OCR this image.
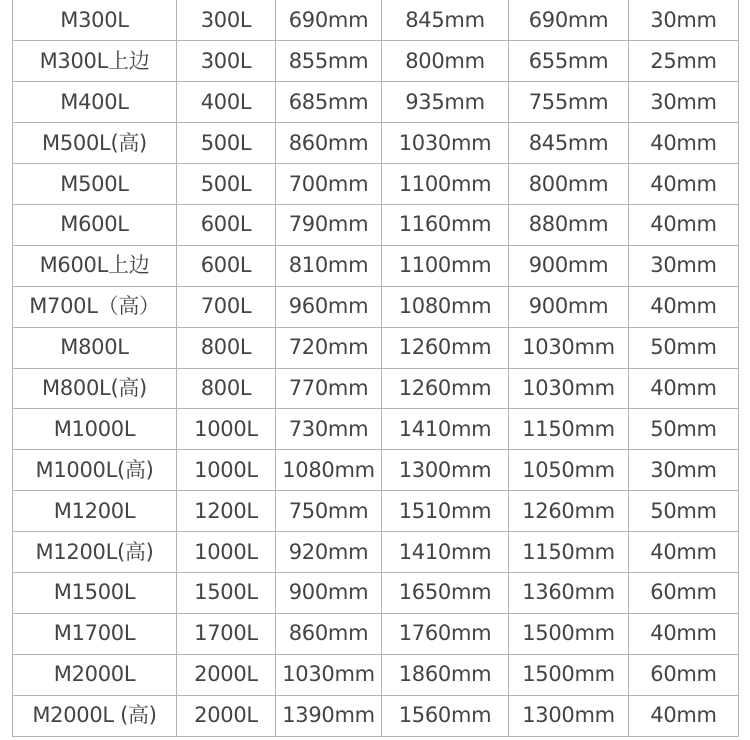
M300L	300L	690mm	845mm	690mm	30mm
M300L上边	300L	855mm	800mm	655mm	25mm
M400L	400L	685mm	935mm	755mm	30mm
M500L(高)	500L	860mm	1030mm	845mm	40mm
M500L	500L	700mm	1100mm	800mm	40mm
M600L	600L	790mm	1160mm	880mm	40mm
M600L上边	600L	810mm	1100mm	900mm	30mm
M700L（高）	700L	960mm	1080mm	900mm	40mm
M800L	800L	720mm	1260mm	1030mm	50mm
M800L(高)	800L	770mm	1260mm	1030mm	40mm
M1000L	1000L	730mm	1410mm	1150mm	50mm
M1000L(高)	1000L	1080mm	1300mm	1050mm	30mm
M1200L	1200L	750mm	1510mm	1260mm	50mm
M1200L(高)	1000L	920mm	1410mm	1150mm	40mm
M1500L	1500L	900mm	1650mm	1360mm	60mm
M1700L	1700L	860mm	1760mm	1500mm	40mm
M2000L	2000L	1030mm	1860mm	1500mm	60mm
M2000L (高)	2000L	1390mm	1560mm	1300mm	40mm
